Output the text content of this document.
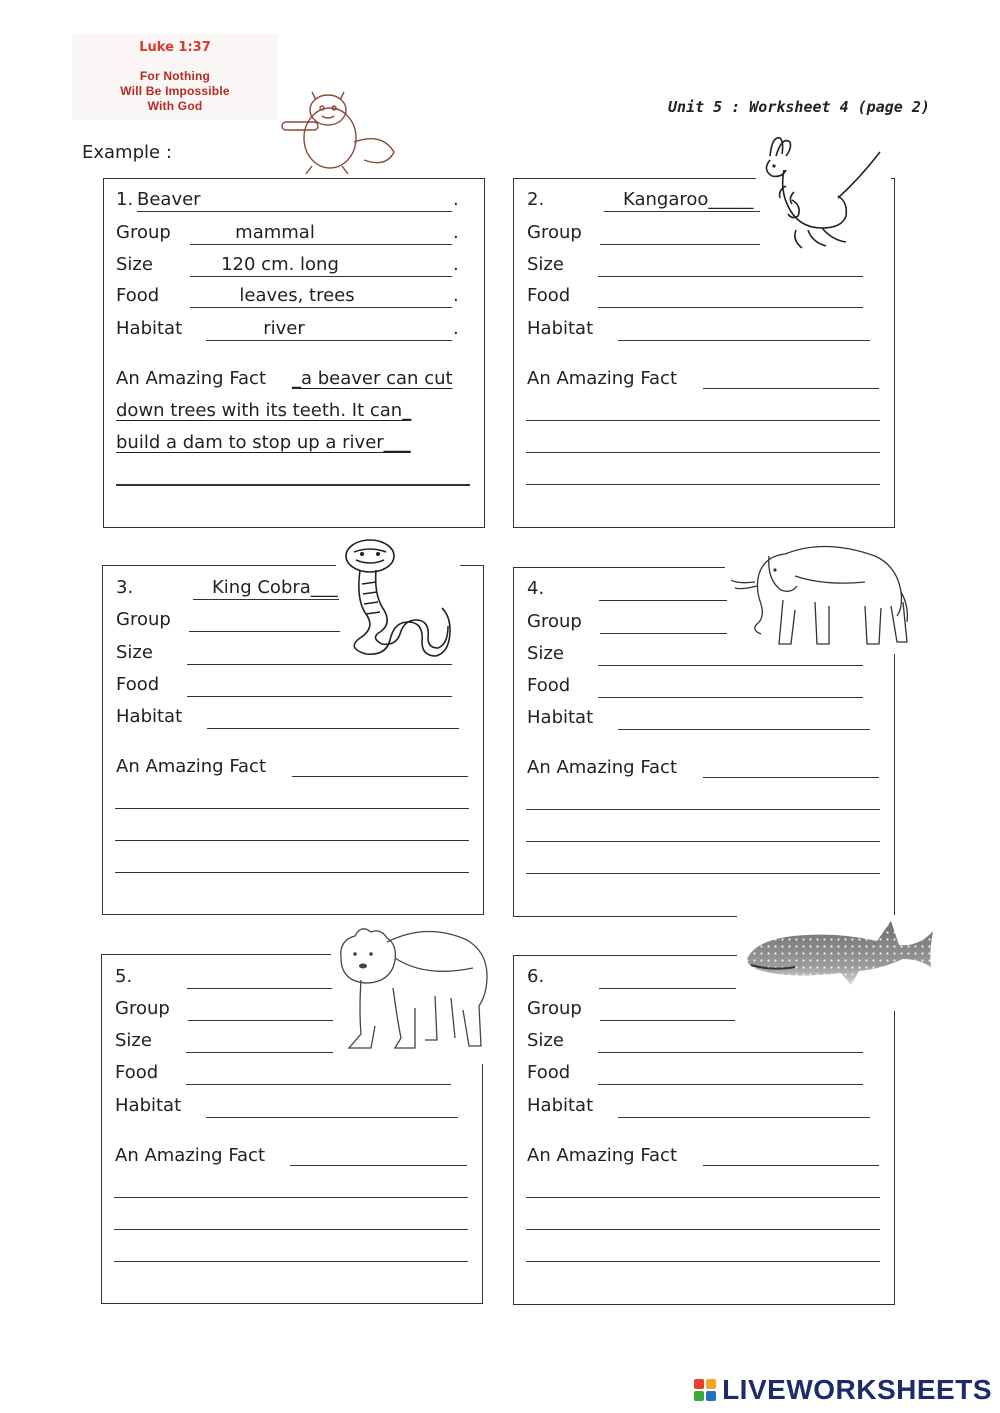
Luke 1:37
For Nothing
Will Be Impossible
With God	Unit 5 : Worksheet 4 (page 2)
Example :
1. Beaver	.
Group	mammal	.
Size	120 cm. long	.
Food	leaves, trees	.
Habitat	river	.
An Amazing Fact _a beaver can cut
down trees with its teeth. It can_
build a dam to stop up a river___
2.	Kangaroo_____
Group
Size
Food
Habitat
An Amazing Fact
3.	King Cobra___
Group
Size
Food
Habitat
An Amazing Fact
4.
Group
Size
Food
Habitat
An Amazing Fact
5.
Group
Size
Food
Habitat
An Amazing Fact
6.
Group
Size
Food
Habitat
An Amazing Fact
LIVEWORKSHEETS
